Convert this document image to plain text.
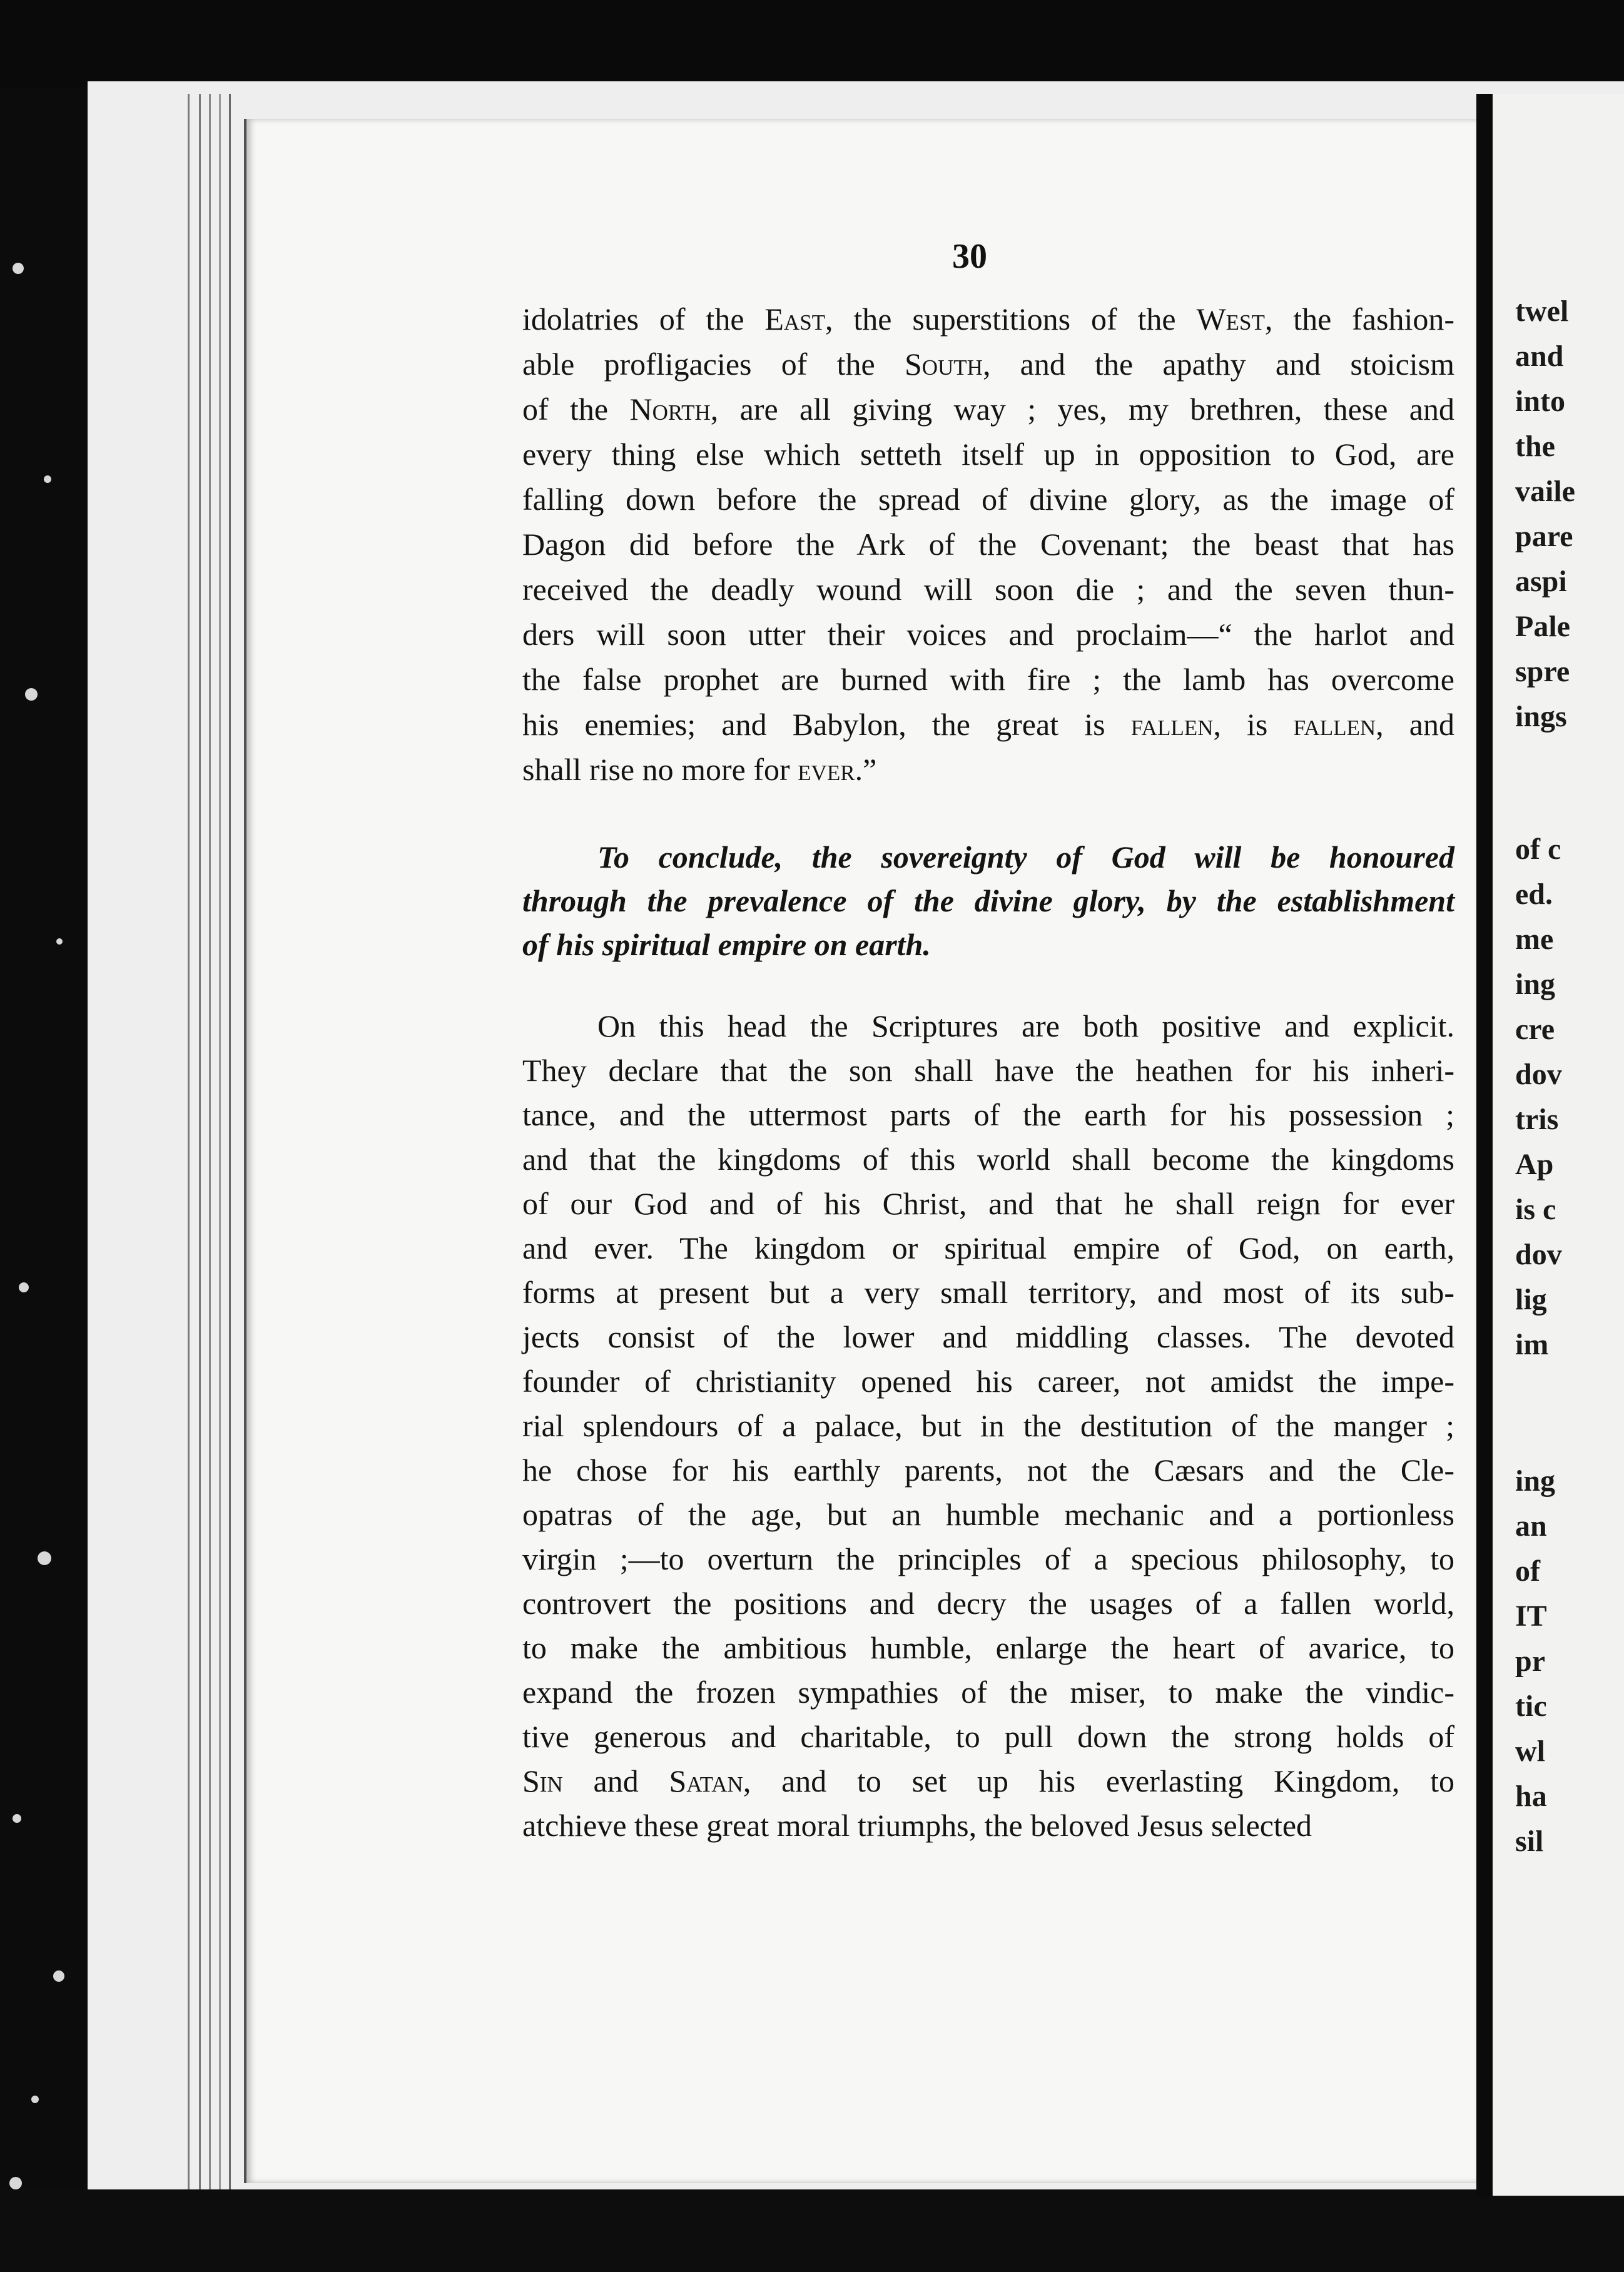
twel
and
into
the
vaile
pare
aspi
Pale
spre
ings
of c
ed.
me
ing
cre
dov
tris
Ap
is c
dov
lig
im
ing
an
of
IT
pr
tic
wl
ha
sil
30
idolatries of the East, the superstitions of the West, the fashion-
able profligacies of the South, and the apathy and stoicism
of the North, are all giving way ; yes, my brethren, these and
every thing else which setteth itself up in opposition to God, are
falling down before the spread of divine glory, as the image of
Dagon did before the Ark of the Covenant; the beast that has
received the deadly wound will soon die ; and the seven thun-
ders will soon utter their voices and proclaim—“ the harlot and
the false prophet are burned with fire ; the lamb has overcome
his enemies; and Babylon, the great is fallen, is fallen, and
shall rise no more for ever.”
To conclude, the sovereignty of God will be honoured
through the prevalence of the divine glory, by the establishment
of his spiritual empire on earth.
On this head the Scriptures are both positive and explicit.
They declare that the son shall have the heathen for his inheri-
tance, and the uttermost parts of the earth for his possession ;
and that the kingdoms of this world shall become the kingdoms
of our God and of his Christ, and that he shall reign for ever
and ever. The kingdom or spiritual empire of God, on earth,
forms at present but a very small territory, and most of its sub-
jects consist of the lower and middling classes. The devoted
founder of christianity opened his career, not amidst the impe-
rial splendours of a palace, but in the destitution of the manger ;
he chose for his earthly parents, not the Cæsars and the Cle-
opatras of the age, but an humble mechanic and a portionless
virgin ;—to overturn the principles of a specious philosophy, to
controvert the positions and decry the usages of a fallen world,
to make the ambitious humble, enlarge the heart of avarice, to
expand the frozen sympathies of the miser, to make the vindic-
tive generous and charitable, to pull down the strong holds of
Sin and Satan, and to set up his everlasting Kingdom, to
atchieve these great moral triumphs, the beloved Jesus selected
